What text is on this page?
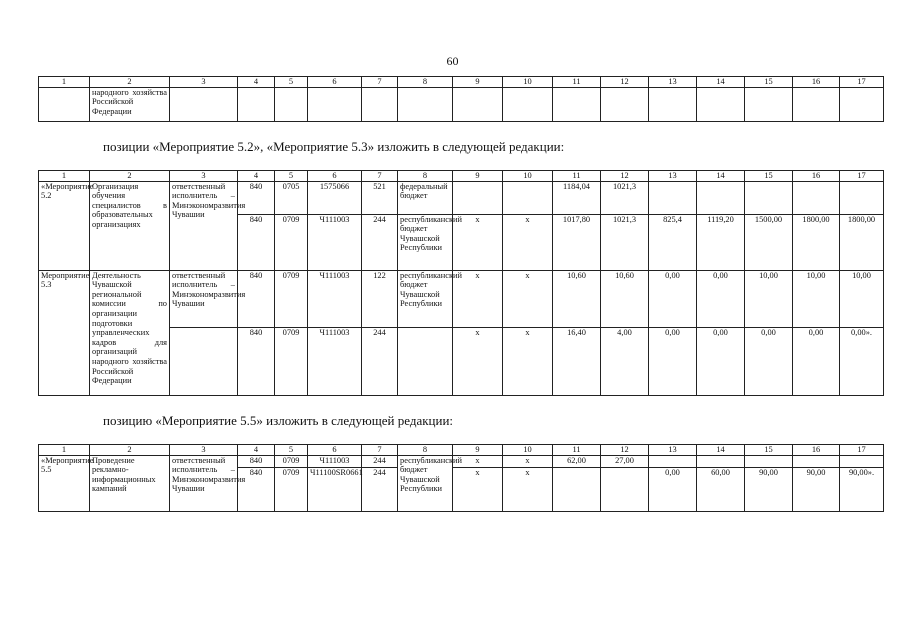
60
1	2	3	4	5	6	7	8	9	10	11	12	13	14	15	16	17
	народного хозяйства Российской Федерации															
позиции «Мероприятие 5.2», «Мероприятие 5.3» изложить в следующей редакции:
1	2	3	4	5	6	7	8	9	10	11	12	13	14	15	16	17
«Мероприятие 5.2	Организация обучения специалистов в образовательных организациях	ответственный исполнитель – Минэкономразвития Чувашии	840	0705	1575066	521	федеральный бюджет			1184,04	1021,3					
			840	0709	Ч111003	244	республиканский бюджет Чувашской Республики	x	x	1017,80	1021,3	825,4	1119,20	1500,00	1800,00	1800,00
Мероприятие 5.3	Деятельность Чувашской региональной комиссии по организации подготовки управленческих кадров для организаций народного хозяйства Российской Федерации	ответственный исполнитель – Минэкономразвития Чувашии	840	0709	Ч111003	122	республиканский бюджет Чувашской Республики	x	x	10,60	10,60	0,00	0,00	10,00	10,00	10,00
			840	0709	Ч111003	244		x	x	16,40	4,00	0,00	0,00	0,00	0,00	0,00».
позицию «Мероприятие 5.5» изложить в следующей редакции:
1	2	3	4	5	6	7	8	9	10	11	12	13	14	15	16	17
«Мероприятие 5.5	Проведение рекламно-информационных кампаний	ответственный исполнитель – Минэкономразвития Чувашии	840	0709	Ч111003	244	республиканский бюджет Чувашской Республики	x	x	62,00	27,00					
			840	0709	Ч11100SR0661	244		x	x			0,00	60,00	90,00	90,00	90,00».
